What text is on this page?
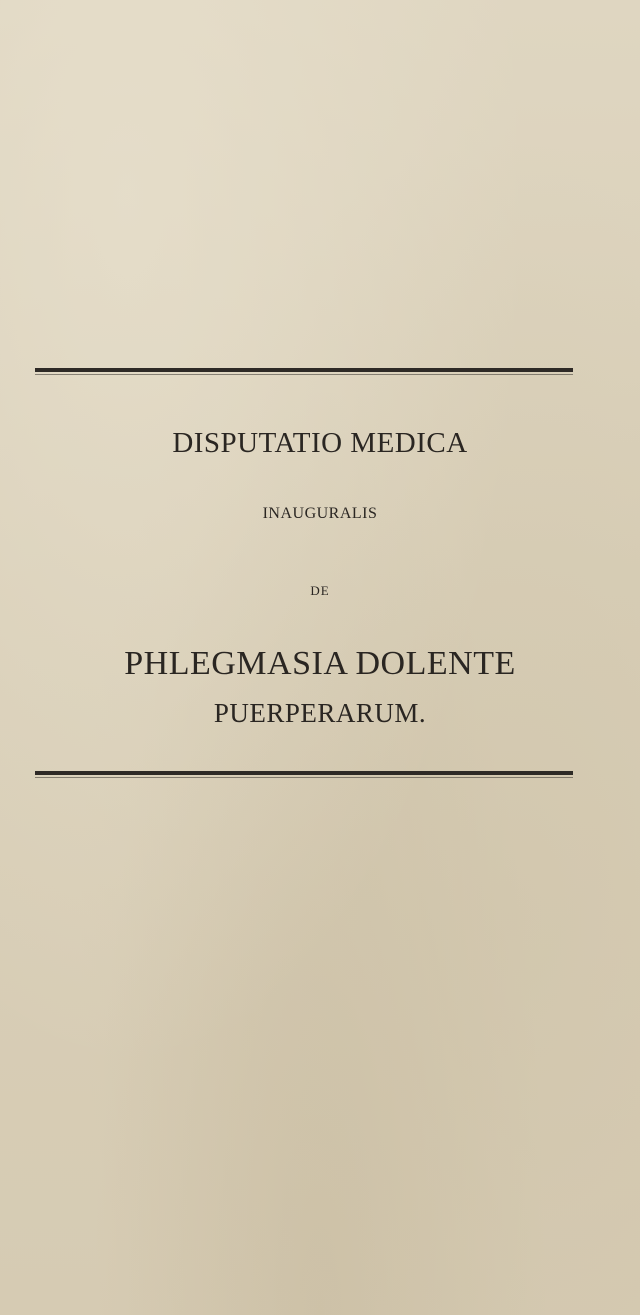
DISPUTATIO MEDICA
INAUGURALIS
DE
PHLEGMASIA DOLENTE
PUERPERARUM.
